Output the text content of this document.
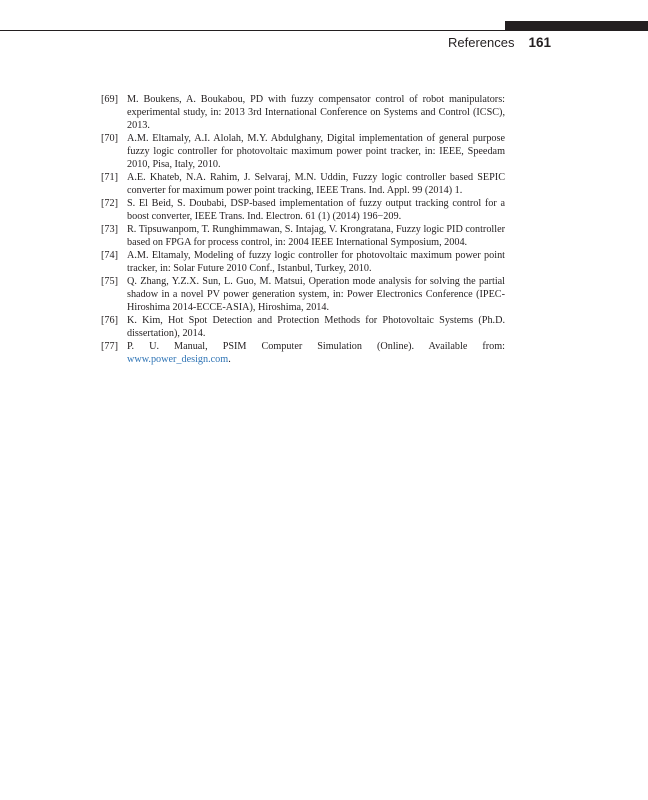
References 161
[69] M. Boukens, A. Boukabou, PD with fuzzy compensator control of robot manipulators: experimental study, in: 2013 3rd International Conference on Systems and Control (ICSC), 2013.
[70] A.M. Eltamaly, A.I. Alolah, M.Y. Abdulghany, Digital implementation of general purpose fuzzy logic controller for photovoltaic maximum power point tracker, in: IEEE, Speedam 2010, Pisa, Italy, 2010.
[71] A.E. Khateb, N.A. Rahim, J. Selvaraj, M.N. Uddin, Fuzzy logic controller based SEPIC converter for maximum power point tracking, IEEE Trans. Ind. Appl. 99 (2014) 1.
[72] S. El Beid, S. Doubabi, DSP-based implementation of fuzzy output tracking control for a boost converter, IEEE Trans. Ind. Electron. 61 (1) (2014) 196−209.
[73] R. Tipsuwanpom, T. Runghimmawan, S. Intajag, V. Krongratana, Fuzzy logic PID controller based on FPGA for process control, in: 2004 IEEE International Symposium, 2004.
[74] A.M. Eltamaly, Modeling of fuzzy logic controller for photovoltaic maximum power point tracker, in: Solar Future 2010 Conf., Istanbul, Turkey, 2010.
[75] Q. Zhang, Y.Z.X. Sun, L. Guo, M. Matsui, Operation mode analysis for solving the partial shadow in a novel PV power generation system, in: Power Electronics Conference (IPEC-Hiroshima 2014-ECCE-ASIA), Hiroshima, 2014.
[76] K. Kim, Hot Spot Detection and Protection Methods for Photovoltaic Systems (Ph.D. dissertation), 2014.
[77] P. U. Manual, PSIM Computer Simulation (Online). Available from: www.power_design.com.
